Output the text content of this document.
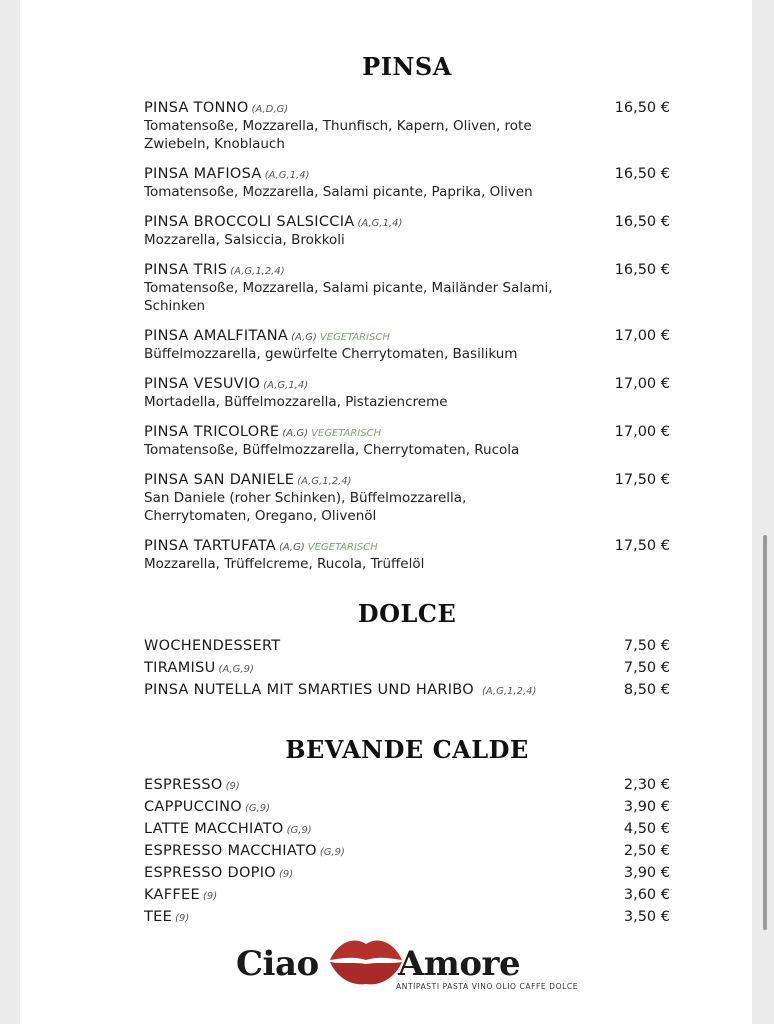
PINSA
PINSA TONNO (A,D,G)	16,50 €
Tomatensoße, Mozzarella, Thunfisch, Kapern, Oliven, rote Zwiebeln, Knoblauch
PINSA MAFIOSA (A,G,1,4)	16,50 €
Tomatensoße, Mozzarella, Salami picante, Paprika, Oliven
PINSA BROCCOLI SALSICCIA (A,G,1,4)	16,50 €
Mozzarella, Salsiccia, Brokkoli
PINSA TRIS (A,G,1,2,4)	16,50 €
Tomatensoße, Mozzarella, Salami picante, Mailänder Salami, Schinken
PINSA AMALFITANA (A,G) VEGETARISCH	17,00 €
Büffelmozzarella, gewürfelte Cherrytomaten, Basilikum
PINSA VESUVIO (A,G,1,4)	17,00 €
Mortadella, Büffelmozzarella, Pistaziencreme
PINSA TRICOLORE (A,G) VEGETARISCH	17,00 €
Tomatensoße, Büffelmozzarella, Cherrytomaten, Rucola
PINSA SAN DANIELE (A,G,1,2,4)	17,50 €
San Daniele (roher Schinken), Büffelmozzarella, Cherrytomaten, Oregano, Olivenöl
PINSA TARTUFATA (A,G) VEGETARISCH	17,50 €
Mozzarella, Trüffelcreme, Rucola, Trüffelöl
DOLCE
WOCHENDESSERT	7,50 €
TIRAMISU (A,G,9)	7,50 €
PINSA NUTELLA MIT SMARTIES UND HARIBO (A,G,1,2,4)	8,50 €
BEVANDE CALDE
ESPRESSO (9)	2,30 €
CAPPUCCINO (G,9)	3,90 €
LATTE MACCHIATO (G,9)	4,50 €
ESPRESSO MACCHIATO (G,9)	2,50 €
ESPRESSO DOPIO (9)	3,90 €
KAFFEE (9)	3,60 €
TEE (9)	3,50 €
Ciao Amore
ANTIPASTI PASTA VINO OLIO CAFFE DOLCE
